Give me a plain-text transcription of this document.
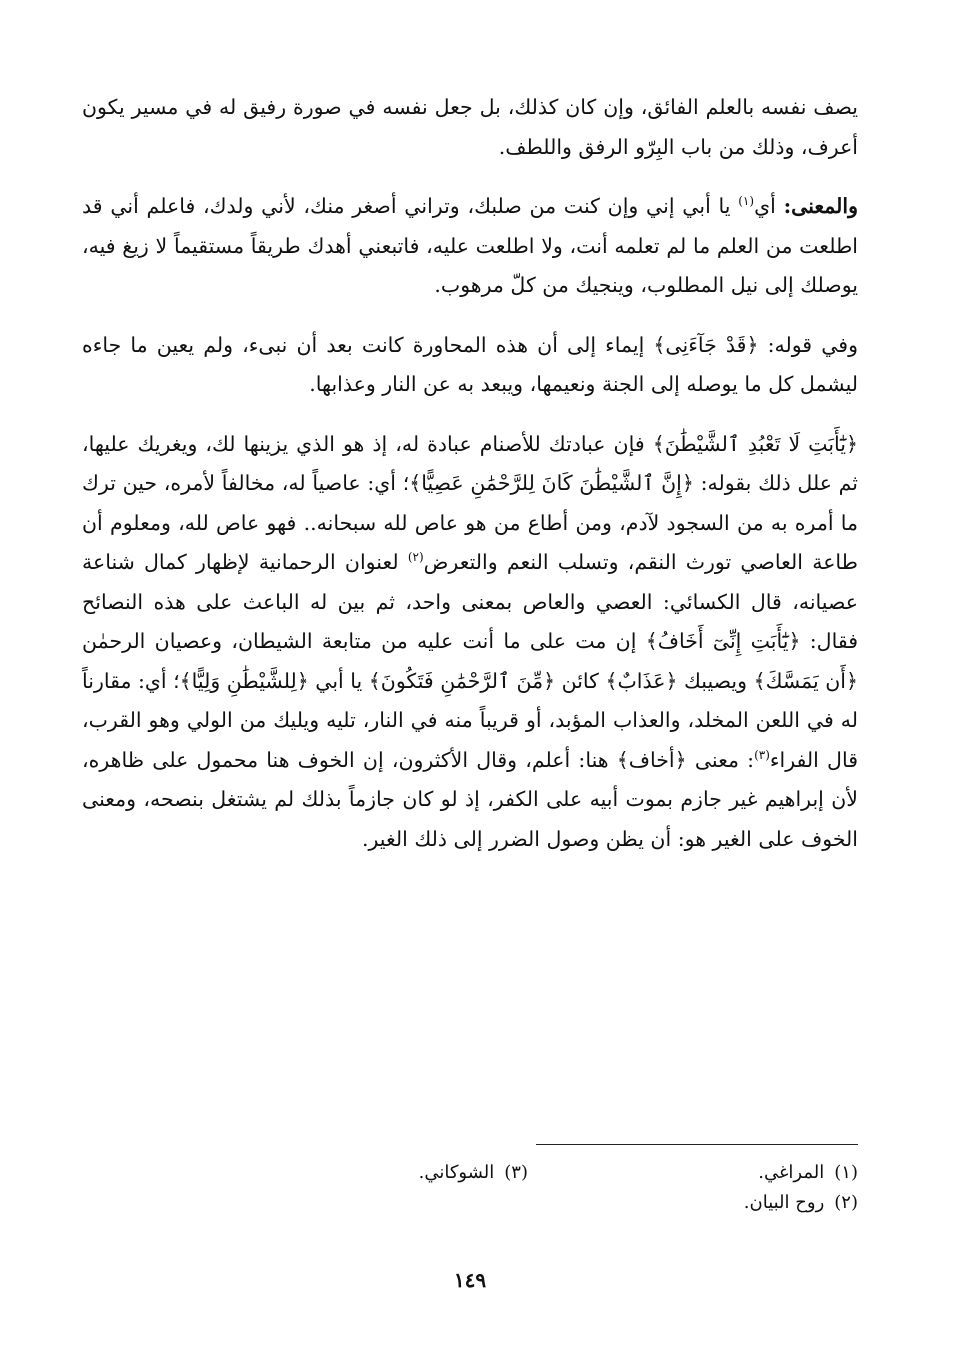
يصف نفسه بالعلم الفائق، وإن كان كذلك، بل جعل نفسه في صورة رفيق له في مسير يكون أعرف، وذلك من باب البِرّو الرفق واللطف.

والمعنى: أي$^{(١)}$ يا أبي إني وإن كنت من صلبك، وتراني أصغر منك، لأني ولدك، فاعلم أني قد اطلعت من العلم ما لم تعلمه أنت، ولا اطلعت عليه، فاتبعني أهدك طريقاً مستقيماً لا زيغ فيه، يوصلك إلى نيل المطلوب، وينجيك من كلّ مرهوب.

وفي قوله: ﴿قَدْ جَآءَنِى﴾ إيماء إلى أن هذه المحاورة كانت بعد أن نبىء، ولم يعين ما جاءه ليشمل كل ما يوصله إلى الجنة ونعيمها، ويبعد به عن النار وعذابها.

﴿يَٰٓأَبَتِ لَا تَعْبُدِ ٱلشَّيْطَٰنَ﴾ فإن عبادتك للأصنام عبادة له، إذ هو الذي يزينها لك، ويغريك عليها، ثم علل ذلك بقوله: ﴿إِنَّ ٱلشَّيْطَٰنَ كَانَ لِلرَّحْمَٰنِ عَصِيًّا﴾؛ أي: عاصياً له، مخالفاً لأمره، حين ترك ما أمره به من السجود لآدم، ومن أطاع من هو عاص لله سبحانه.. فهو عاص لله، ومعلوم أن طاعة العاصي تورث النقم، وتسلب النعم والتعرض$^{(٢)}$ لعنوان الرحمانية لإظهار كمال شناعة عصيانه، قال الكسائي: العصي والعاص بمعنى واحد، ثم بين له الباعث على هذه النصائح فقال: ﴿يَٰٓأَبَتِ إِنِّىٓ أَخَافُ﴾ إن مت على ما أنت عليه من متابعة الشيطان، وعصيان الرحمٰن ﴿أَن يَمَسَّكَ﴾ ويصيبك ﴿عَذَابٌ﴾ كائن ﴿مِّنَ ٱلرَّحْمَٰنِ فَتَكُونَ﴾ يا أبي ﴿لِلشَّيْطَٰنِ وَلِيًّا﴾؛ أي: مقارناً له في اللعن المخلد، والعذاب المؤبد، أو قريباً منه في النار، تليه ويليك من الولي وهو القرب، قال الفراء$^{(٣)}$: معنى ﴿أخاف﴾ هنا: أعلم، وقال الأكثرون، إن الخوف هنا محمول على ظاهره، لأن إبراهيم غير جازم بموت أبيه على الكفر، إذ لو كان جازماً بذلك لم يشتغل بنصحه، ومعنى الخوف على الغير هو: أن يظن وصول الضرر إلى ذلك الغير.

(١)المراغي.
(٣)الشوكاني.
(٢)روح البيان.
١٤٩
